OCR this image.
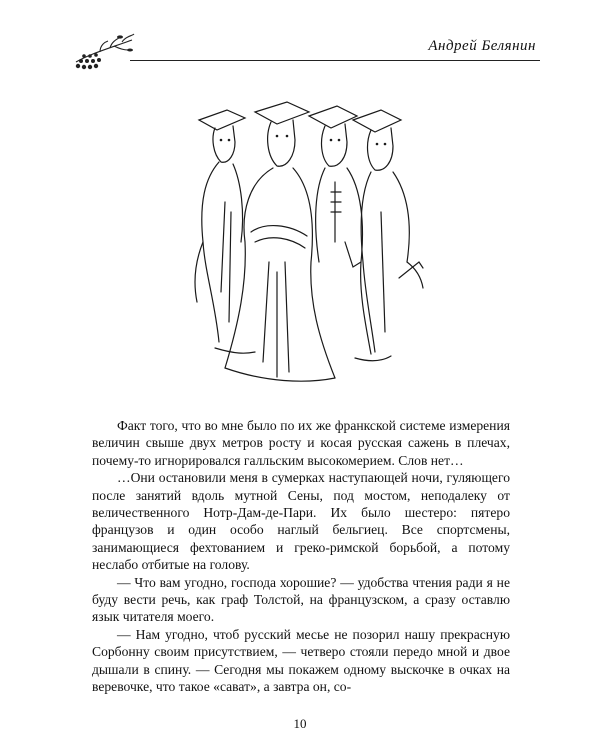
Андрей Белянин

Факт того, что во мне было по их же франкской системе измерения величин свыше двух метров росту и косая русская сажень в плечах, почему-то игнорировался галльским высокомерием. Слов нет…

…Они остановили меня в сумерках наступающей ночи, гуляющего после занятий вдоль мутной Сены, под мостом, неподалеку от величественного Нотр-Дам-де-Пари. Их было шестеро: пятеро французов и один особо наглый бельгиец. Все спортсмены, занимающиеся фехтованием и греко-римской борьбой, а потому неслабо отбитые на голову.

— Что вам угодно, господа хорошие? — удобства чтения ради я не буду вести речь, как граф Толстой, на французском, а сразу оставлю язык читателя моего.

— Нам угодно, чтоб русский месье не позорил нашу прекрасную Сорбонну своим присутствием, — четверо стояли передо мной и двое дышали в спину. — Сегодня мы покажем одному выскочке в очках на веревочке, что такое «сават», а завтра он, со-

10
